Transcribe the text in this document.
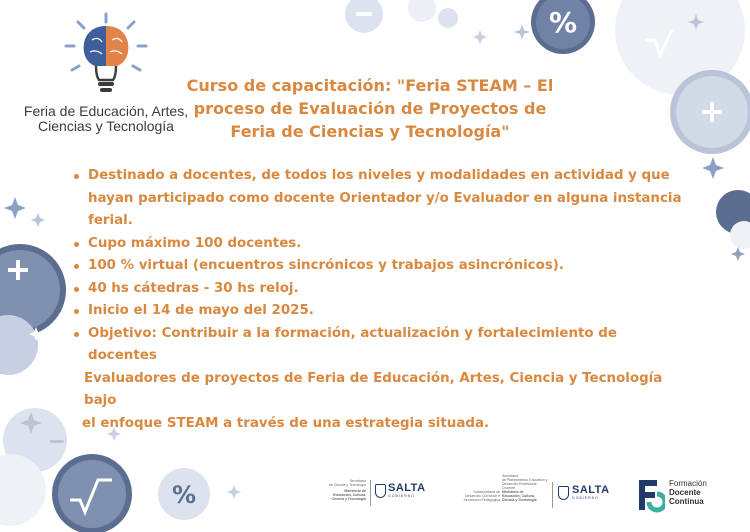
%
%
Feria de Educación, Artes,
Ciencias y Tecnología
Curso de capacitación: "Feria STEAM – El
proceso de Evaluación de Proyectos de
Feria de Ciencias y Tecnología"
Destinado a docentes, de todos los niveles y modalidades en actividad y que hayan participado como docente Orientador y/o Evaluador en alguna instancia ferial.
Cupo máximo 100 docentes.
100 % virtual (encuentros sincrónicos y trabajos asincrónicos).
40 hs cátedras - 30 hs reloj.
Inicio el 14 de mayo del 2025.
Objetivo: Contribuir a la formación, actualización y fortalecimiento de docentes
Evaluadores de proyectos de Feria de Educación, Artes, Ciencia y Tecnología bajo
el enfoque STEAM a través de una estrategia situada.
Secretaría
de Ciencia y Tecnología
Ministerio de
Educación, Cultura,
Ciencia y Tecnología
SALTA
GOBIERNO
Secretaría
de Planeamiento Educativo y
Desarrollo Profesional Docente
Subsecretaría de
Desarrollo Curricular e
Innovación Pedagógica
Ministerio de
Educación, Cultura,
Ciencia y Tecnología
SALTA
GOBIERNO
Formación
Docente
Continua
